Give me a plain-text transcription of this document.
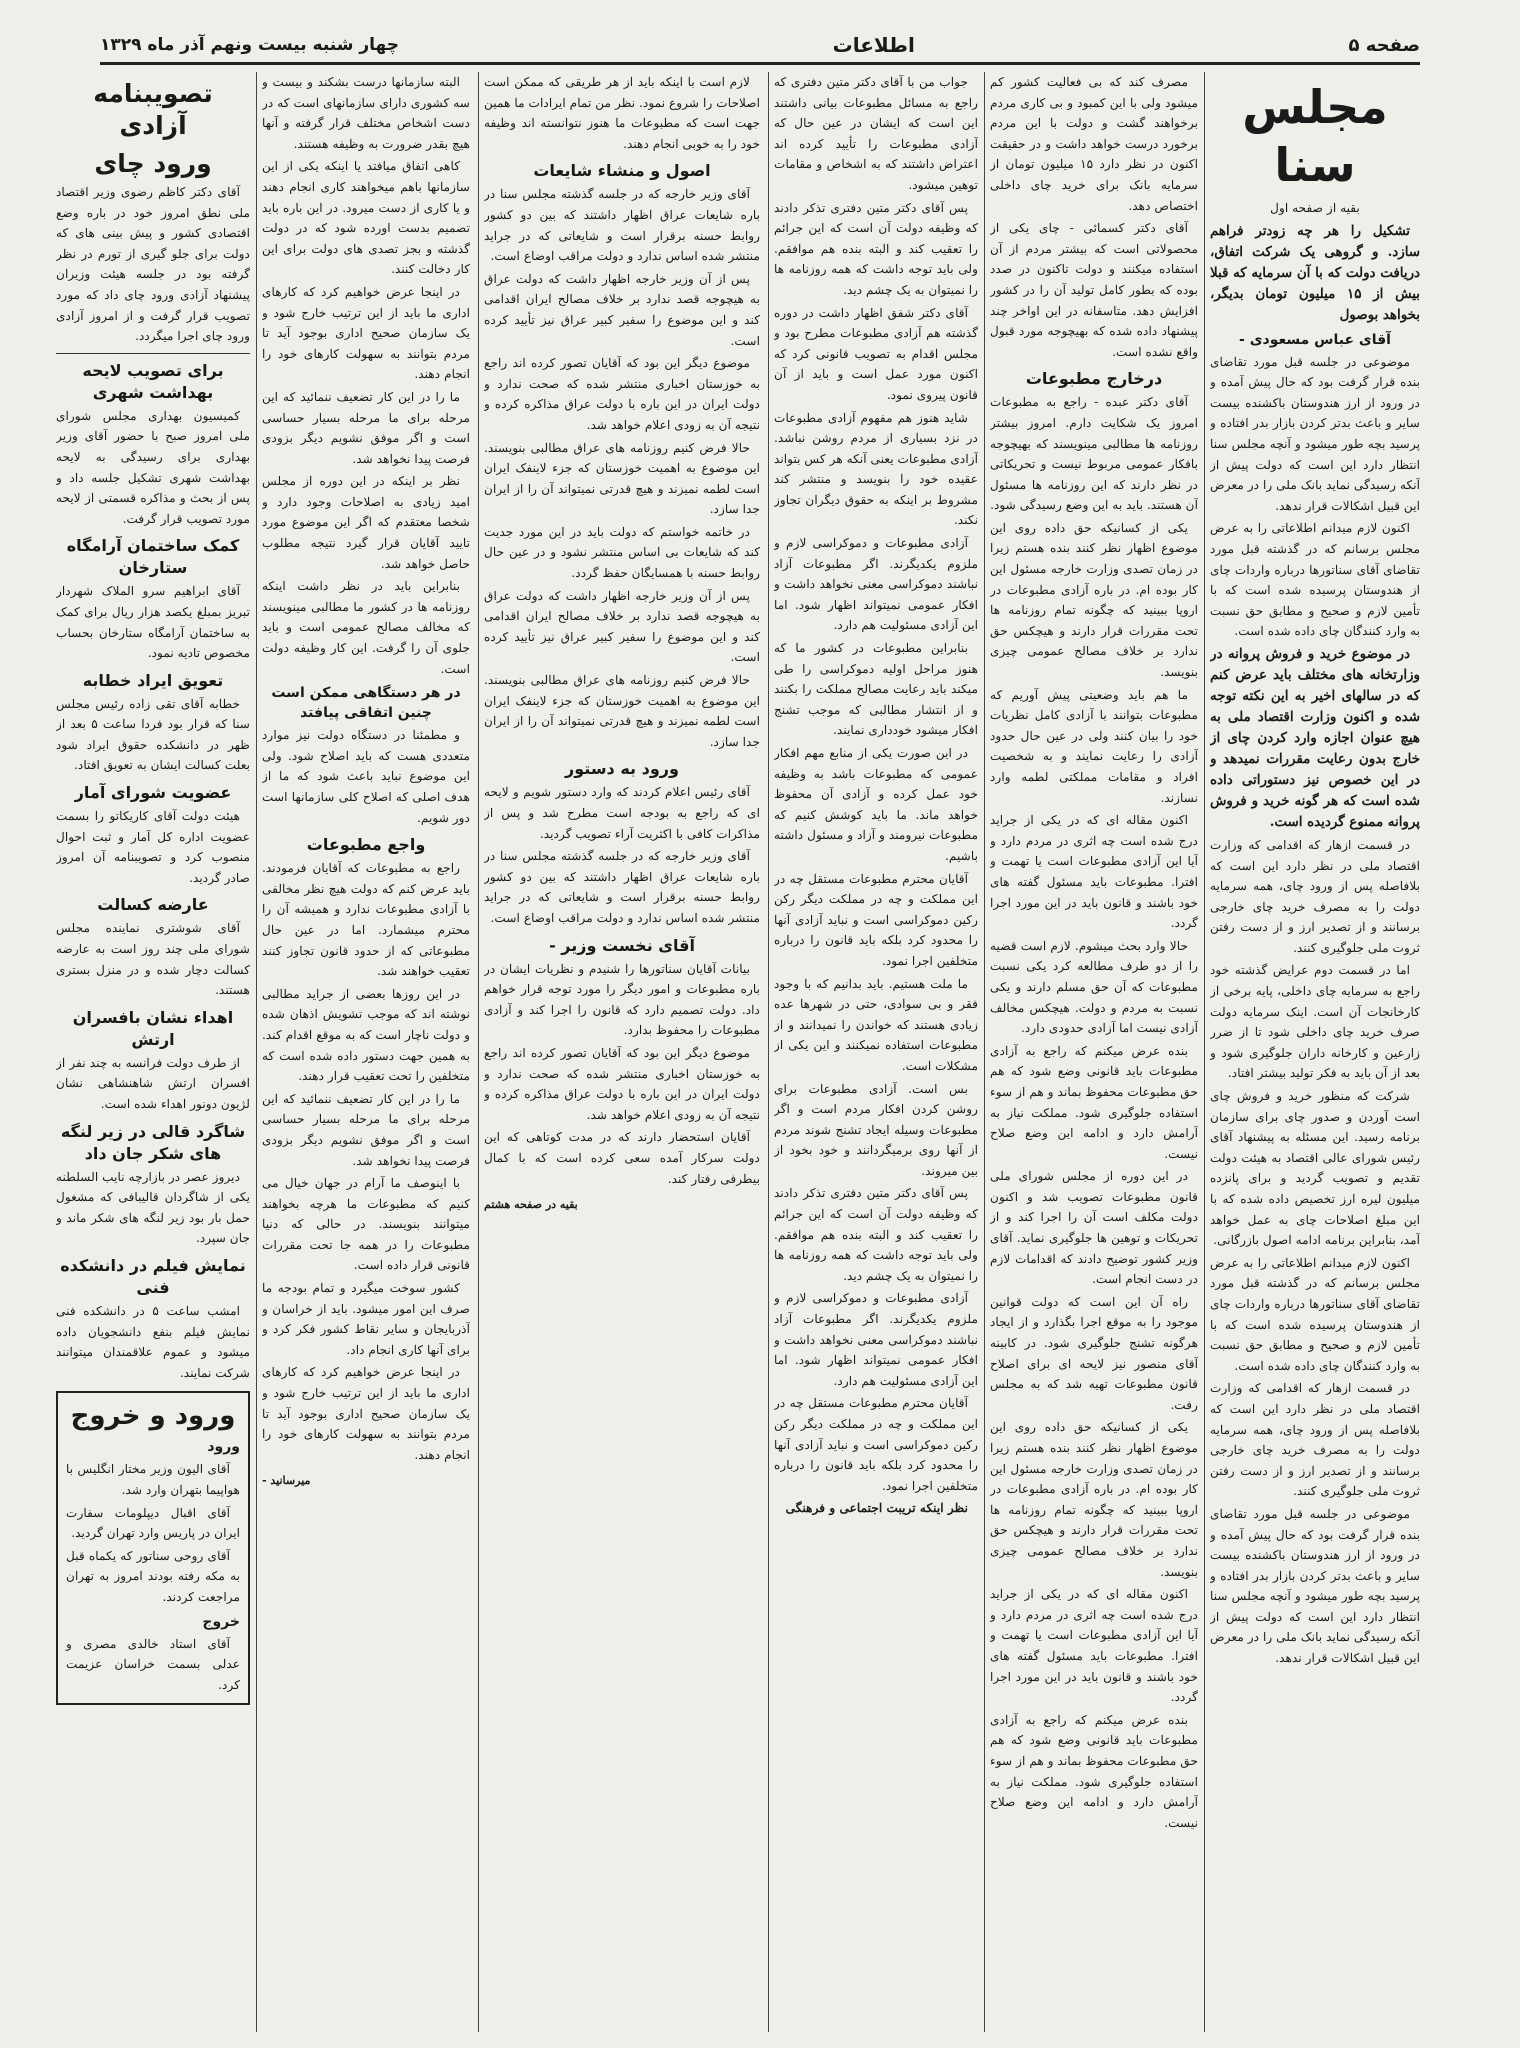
صفحه ۵
اطلاعات
چهار شنبه بیست ونهم آذر ماه ۱۳۲۹
مجلس سنا

بقیه از صفحه اول

تشکیل را هر چه زودتر فراهم سازد. و گروهی یک شرکت اتفاق، دریافت دولت که با آن سرمایه که قبلا بیش از ۱۵ میلیون تومان بدیگر، بخواهد بوصول

آقای عباس مسعودی -

موضوعی در جلسه قبل مورد تقاضای بنده قرار گرفت بود که حال پیش آمده و در ورود از ارز هندوستان باکشنده بیست سایر و باعث بدتر کردن بازار بدر افتاده و پرسید بچه طور میشود و آنچه مجلس سنا انتظار دارد این است که دولت پیش از آنکه رسیدگی نماید بانک ملی را در معرض این قبیل اشکالات قرار ندهد.

اکنون لازم میدانم اطلاعاتی را به عرض مجلس برسانم که در گذشته قبل مورد تقاضای آقای سناتورها درباره واردات چای از هندوستان پرسیده شده است که با تأمین لازم و صحیح و مطابق حق نسبت به وارد کنندگان چای داده شده است.

در موضوع خرید و فروش پروانه در وزارتخانه های مختلف باید عرض کنم که در سالهای اخیر به این نکته توجه شده و اکنون وزارت اقتصاد ملی به هیچ عنوان اجازه وارد کردن چای از خارج بدون رعایت مقررات نمیدهد و در این خصوص نیز دستوراتی داده شده است که هر گونه خرید و فروش پروانه ممنوع گردیده است.

در قسمت ازهار که اقدامی که وزارت اقتصاد ملی در نظر دارد این است که بلافاصله پس از ورود چای، همه سرمایه دولت را به مصرف خرید چای خارجی برسانند و از تصدیر ارز و از دست رفتن ثروت ملی جلوگیری کنند.

اما در قسمت دوم عرایض گذشته خود راجع به سرمایه چای داخلی، پایه برخی از کارخانجات آن است. اینک سرمایه دولت صرف خرید چای داخلی شود تا از ضرر زارعین و کارخانه داران جلوگیری شود و بعد از آن باید به فکر تولید بیشتر افتاد.

شرکت که منظور خرید و فروش چای است آوردن و صدور چای برای سازمان برنامه رسید. این مسئله به پیشنهاد آقای رئیس شورای عالی اقتصاد به هیئت دولت تقدیم و تصویب گردید و برای پانزده میلیون لیره ارز تخصیص داده شده که با این مبلغ اصلاحات چای به عمل خواهد آمد، بنابراین برنامه ادامه اصول بازرگانی.

اکنون لازم میدانم اطلاعاتی را به عرض مجلس برسانم که در گذشته قبل مورد تقاضای آقای سناتورها درباره واردات چای از هندوستان پرسیده شده است که با تأمین لازم و صحیح و مطابق حق نسبت به وارد کنندگان چای داده شده است.

در قسمت ازهار که اقدامی که وزارت اقتصاد ملی در نظر دارد این است که بلافاصله پس از ورود چای، همه سرمایه دولت را به مصرف خرید چای خارجی برسانند و از تصدیر ارز و از دست رفتن ثروت ملی جلوگیری کنند.

موضوعی در جلسه قبل مورد تقاضای بنده قرار گرفت بود که حال پیش آمده و در ورود از ارز هندوستان باکشنده بیست سایر و باعث بدتر کردن بازار بدر افتاده و پرسید بچه طور میشود و آنچه مجلس سنا انتظار دارد این است که دولت پیش از آنکه رسیدگی نماید بانک ملی را در معرض این قبیل اشکالات قرار ندهد.

مصرف کند که بی فعالیت کشور کم میشود ولی با این کمبود و بی کاری مردم برخواهند گشت و دولت با این مردم برخورد درست خواهد داشت و در حقیقت اکنون در نظر دارد ۱۵ میلیون تومان از سرمایه بانک برای خرید چای داخلی اختصاص دهد.

آقای دکتر کسمائی - چای یکی از محصولاتی است که بیشتر مردم از آن استفاده میکنند و دولت تاکنون در صدد بوده که بطور کامل تولید آن را در کشور افزایش دهد. متاسفانه در این اواخر چند پیشنهاد داده شده که بهیچوجه مورد قبول واقع نشده است.

درخارج مطبوعات

آقای دکتر عبده - راجع به مطبوعات امروز یک شکایت دارم. امروز بیشتر روزنامه ها مطالبی مینویسند که بهیچوجه بافکار عمومی مربوط نیست و تحریکاتی در نظر دارند که این روزنامه ها مسئول آن هستند. باید به این وضع رسیدگی شود.

یکی از کسانیکه حق داده روی این موضوع اظهار نظر کنند بنده هستم زیرا در زمان تصدی وزارت خارجه مسئول این کار بوده ام. در باره آزادی مطبوعات در اروپا ببینید که چگونه تمام روزنامه ها تحت مقررات قرار دارند و هیچکس حق ندارد بر خلاف مصالح عمومی چیزی بنویسد.

ما هم باید وضعیتی پیش آوریم که مطبوعات بتوانند با آزادی کامل نظریات خود را بیان کنند ولی در عین حال حدود آزادی را رعایت نمایند و به شخصیت افراد و مقامات مملکتی لطمه وارد نسازند.

اکنون مقاله ای که در یکی از جراید درج شده است چه اثری در مردم دارد و آیا این آزادی مطبوعات است یا تهمت و افترا. مطبوعات باید مسئول گفته های خود باشند و قانون باید در این مورد اجرا گردد.

حالا وارد بحث میشوم. لازم است قضیه را از دو طرف مطالعه کرد یکی نسبت مطبوعات که آن حق مسلم دارند و یکی نسبت به مردم و دولت. هیچکس مخالف آزادی نیست اما آزادی حدودی دارد.

بنده عرض میکنم که راجع به آزادی مطبوعات باید قانونی وضع شود که هم حق مطبوعات محفوظ بماند و هم از سوء استفاده جلوگیری شود. مملکت نیاز به آرامش دارد و ادامه این وضع صلاح نیست.

در این دوره از مجلس شورای ملی قانون مطبوعات تصویب شد و اکنون دولت مکلف است آن را اجرا کند و از تحریکات و توهین ها جلوگیری نماید. آقای وزیر کشور توضیح دادند که اقدامات لازم در دست انجام است.

راه آن این است که دولت قوانین موجود را به موقع اجرا بگذارد و از ایجاد هرگونه تشنج جلوگیری شود. در کابینه آقای منصور نیز لایحه ای برای اصلاح قانون مطبوعات تهیه شد که به مجلس رفت.

یکی از کسانیکه حق داده روی این موضوع اظهار نظر کنند بنده هستم زیرا در زمان تصدی وزارت خارجه مسئول این کار بوده ام. در باره آزادی مطبوعات در اروپا ببینید که چگونه تمام روزنامه ها تحت مقررات قرار دارند و هیچکس حق ندارد بر خلاف مصالح عمومی چیزی بنویسد.

اکنون مقاله ای که در یکی از جراید درج شده است چه اثری در مردم دارد و آیا این آزادی مطبوعات است یا تهمت و افترا. مطبوعات باید مسئول گفته های خود باشند و قانون باید در این مورد اجرا گردد.

بنده عرض میکنم که راجع به آزادی مطبوعات باید قانونی وضع شود که هم حق مطبوعات محفوظ بماند و هم از سوء استفاده جلوگیری شود. مملکت نیاز به آرامش دارد و ادامه این وضع صلاح نیست.

جواب من با آقای دکتر متین دفتری که راجع به مسائل مطبوعات بیانی داشتند این است که ایشان در عین حال که آزادی مطبوعات را تأیید کرده اند اعتراض داشتند که به اشخاص و مقامات توهین میشود.

پس آقای دکتر متین دفتری تذکر دادند که وظیفه دولت آن است که این جرائم را تعقیب کند و البته بنده هم موافقم. ولی باید توجه داشت که همه روزنامه ها را نمیتوان به یک چشم دید.

آقای دکتر شفق اظهار داشت در دوره گذشته هم آزادی مطبوعات مطرح بود و مجلس اقدام به تصویب قانونی کرد که اکنون مورد عمل است و باید از آن قانون پیروی نمود.

شاید هنوز هم مفهوم آزادی مطبوعات در نزد بسیاری از مردم روشن نباشد. آزادی مطبوعات یعنی آنکه هر کس بتواند عقیده خود را بنویسد و منتشر کند مشروط بر اینکه به حقوق دیگران تجاوز نکند.

آزادی مطبوعات و دموکراسی لازم و ملزوم یکدیگرند. اگر مطبوعات آزاد نباشند دموکراسی معنی نخواهد داشت و افکار عمومی نمیتواند اظهار شود. اما این آزادی مسئولیت هم دارد.

بنابراین مطبوعات در کشور ما که هنوز مراحل اولیه دموکراسی را طی میکند باید رعایت مصالح مملکت را بکنند و از انتشار مطالبی که موجب تشنج افکار میشود خودداری نمایند.

در این صورت یکی از منابع مهم افکار عمومی که مطبوعات باشد به وظیفه خود عمل کرده و آزادی آن محفوظ خواهد ماند. ما باید کوشش کنیم که مطبوعات نیرومند و آزاد و مسئول داشته باشیم.

آقایان محترم مطبوعات مستقل چه در این مملکت و چه در مملکت دیگر رکن رکین دموکراسی است و نباید آزادی آنها را محدود کرد بلکه باید قانون را درباره متخلفین اجرا نمود.

ما ملت هستیم. باید بدانیم که با وجود فقر و بی سوادی، حتی در شهرها عده زیادی هستند که خواندن را نمیدانند و از مطبوعات استفاده نمیکنند و این یکی از مشکلات است.

بس است. آزادی مطبوعات برای روشن کردن افکار مردم است و اگر مطبوعات وسیله ایجاد تشنج شوند مردم از آنها روی برمیگردانند و خود بخود از بین میروند.

پس آقای دکتر متین دفتری تذکر دادند که وظیفه دولت آن است که این جرائم را تعقیب کند و البته بنده هم موافقم. ولی باید توجه داشت که همه روزنامه ها را نمیتوان به یک چشم دید.

آزادی مطبوعات و دموکراسی لازم و ملزوم یکدیگرند. اگر مطبوعات آزاد نباشند دموکراسی معنی نخواهد داشت و افکار عمومی نمیتواند اظهار شود. اما این آزادی مسئولیت هم دارد.

آقایان محترم مطبوعات مستقل چه در این مملکت و چه در مملکت دیگر رکن رکین دموکراسی است و نباید آزادی آنها را محدود کرد بلکه باید قانون را درباره متخلفین اجرا نمود.

نظر اینکه تریبت اجتماعی و فرهنگی

لازم است با اینکه باید از هر طریقی که ممکن است اصلاحات را شروع نمود. نظر من تمام ایرادات ما همین جهت است که مطبوعات ما هنوز نتوانسته اند وظیفه خود را به خوبی انجام دهند.

اصول و منشاء شایعات

آقای وزیر خارجه که در جلسه گذشته مجلس سنا در باره شایعات عراق اظهار داشتند که بین دو کشور روابط حسنه برقرار است و شایعاتی که در جراید منتشر شده اساس ندارد و دولت مراقب اوضاع است.

پس از آن وزیر خارجه اظهار داشت که دولت عراق به هیچوجه قصد ندارد بر خلاف مصالح ایران اقدامی کند و این موضوع را سفیر کبیر عراق نیز تأیید کرده است.

موضوع دیگر این بود که آقایان تصور کرده اند راجع به خوزستان اخباری منتشر شده که صحت ندارد و دولت ایران در این باره با دولت عراق مذاکره کرده و نتیجه آن به زودی اعلام خواهد شد.

حالا فرض کنیم روزنامه های عراق مطالبی بنویسند. این موضوع به اهمیت خوزستان که جزء لاینفک ایران است لطمه نمیزند و هیچ قدرتی نمیتواند آن را از ایران جدا سازد.

در خاتمه خواستم که دولت باید در این مورد جدیت کند که شایعات بی اساس منتشر نشود و در عین حال روابط حسنه با همسایگان حفظ گردد.

پس از آن وزیر خارجه اظهار داشت که دولت عراق به هیچوجه قصد ندارد بر خلاف مصالح ایران اقدامی کند و این موضوع را سفیر کبیر عراق نیز تأیید کرده است.

حالا فرض کنیم روزنامه های عراق مطالبی بنویسند. این موضوع به اهمیت خوزستان که جزء لاینفک ایران است لطمه نمیزند و هیچ قدرتی نمیتواند آن را از ایران جدا سازد.

ورود به دستور

آقای رئیس اعلام کردند که وارد دستور شویم و لایحه ای که راجع به بودجه است مطرح شد و پس از مذاکرات کافی با اکثریت آراء تصویب گردید.

آقای وزیر خارجه که در جلسه گذشته مجلس سنا در باره شایعات عراق اظهار داشتند که بین دو کشور روابط حسنه برقرار است و شایعاتی که در جراید منتشر شده اساس ندارد و دولت مراقب اوضاع است.

آقای نخست وزیر -

بیانات آقایان سناتورها را شنیدم و نظریات ایشان در باره مطبوعات و امور دیگر را مورد توجه قرار خواهم داد. دولت تصمیم دارد که قانون را اجرا کند و آزادی مطبوعات را محفوظ بدارد.

موضوع دیگر این بود که آقایان تصور کرده اند راجع به خوزستان اخباری منتشر شده که صحت ندارد و دولت ایران در این باره با دولت عراق مذاکره کرده و نتیجه آن به زودی اعلام خواهد شد.

آقایان استحضار دارند که در مدت کوتاهی که این دولت سرکار آمده سعی کرده است که با کمال بیطرفی رفتار کند.

بقیه در صفحه هشتم

البته سازمانها درست بشکند و بیست و سه کشوری دارای سازمانهای است که در دست اشخاص مختلف قرار گرفته و آنها هیچ بقدر ضرورت به وظیفه هستند.

کاهی اتفاق میافتد یا اینکه یکی از این سازمانها باهم میخواهند کاری انجام دهند و یا کاری از دست میرود. در این باره باید تصمیم بدست اورده شود که در دولت گذشته و بجز تصدی های دولت برای این کار دخالت کنند.

در اینجا عرض خواهیم کرد که کارهای اداری ما باید از این ترتیب خارج شود و یک سازمان صحیح اداری بوجود آید تا مردم بتوانند به سهولت کارهای خود را انجام دهند.

ما را در این کار تضعیف ننمائید که این مرحله برای ما مرحله بسیار حساسی است و اگر موفق نشویم دیگر بزودی فرصت پیدا نخواهد شد.

نظر بر اینکه در این دوره از مجلس امید زیادی به اصلاحات وجود دارد و شخصا معتقدم که اگر این موضوع مورد تایید آقایان قرار گیرد نتیجه مطلوب حاصل خواهد شد.

بنابراین باید در نظر داشت اینکه روزنامه ها در کشور ما مطالبی مینویسند که مخالف مصالح عمومی است و باید جلوی آن را گرفت. این کار وظیفه دولت است.

در هر دستگاهی ممکن است چنین اتفاقی پیافتد

و مطمئنا در دستگاه دولت نیز موارد متعددی هست که باید اصلاح شود. ولی این موضوع نباید باعث شود که ما از هدف اصلی که اصلاح کلی سازمانها است دور شویم.

واجع مطبوعات

راجع به مطبوعات که آقایان فرمودند. باید عرض کنم که دولت هیچ نظر مخالفی با آزادی مطبوعات ندارد و همیشه آن را محترم میشمارد. اما در عین حال مطبوعاتی که از حدود قانون تجاوز کنند تعقیب خواهند شد.

در این روزها بعضی از جراید مطالبی نوشته اند که موجب تشویش اذهان شده و دولت ناچار است که به موقع اقدام کند. به همین جهت دستور داده شده است که متخلفین را تحت تعقیب قرار دهند.

ما را در این کار تضعیف ننمائید که این مرحله برای ما مرحله بسیار حساسی است و اگر موفق نشویم دیگر بزودی فرصت پیدا نخواهد شد.

با اینوصف ما آرام در جهان خیال می کنیم که مطبوعات ما هرچه بخواهند میتوانند بنویسند. در حالی که دنیا مطبوعات را در همه جا تحت مقررات قانونی قرار داده است.

کشور سوخت میگیرد و تمام بودجه ما صرف این امور میشود. باید از خراسان و آذربایجان و سایر نقاط کشور فکر کرد و برای آنها کاری انجام داد.

در اینجا عرض خواهیم کرد که کارهای اداری ما باید از این ترتیب خارج شود و یک سازمان صحیح اداری بوجود آید تا مردم بتوانند به سهولت کارهای خود را انجام دهند.

میرسانید -
تصویبنامه آزادی
ورود چای

آقای دکتر کاظم رضوی وزیر اقتصاد ملی نطق امروز خود در باره وضع اقتصادی کشور و پیش بینی های که دولت برای جلو گیری از تورم در نظر گرفته بود در جلسه هیئت وزیران پیشنهاد آزادی ورود چای داد که مورد تصویب قرار گرفت و از امروز آزادی ورود چای اجرا میگردد.

برای تصویب لایحه بهداشت شهری

کمیسیون بهداری مجلس شورای ملی امروز صبح با حضور آقای وزیر بهداری برای رسیدگی به لایحه بهداشت شهری تشکیل جلسه داد و پس از بحث و مذاکره قسمتی از لایحه مورد تصویب قرار گرفت.

کمک ساختمان آرامگاه ستارخان

آقای ابراهیم سرو الملاک شهردار تبریز بمبلغ یکصد هزار ریال برای کمک به ساختمان آرامگاه ستارخان بحساب مخصوص تادیه نمود.

تعویق ایراد خطابه

خطابه آقای تقی زاده رئیس مجلس سنا که قرار بود فردا ساعت ۵ بعد از ظهر در دانشکده حقوق ایراد شود بعلت کسالت ایشان به تعویق افتاد.

عضویت شورای آمار

هیئت دولت آقای کاریکاتو را بسمت عضویت اداره کل آمار و ثبت احوال منصوب کرد و تصویبنامه آن امروز صادر گردید.

عارضه کسالت

آقای شوشتری نماینده مجلس شورای ملی چند روز است به عارضه کسالت دچار شده و در منزل بستری هستند.

اهداء نشان بافسران ارتش

از طرف دولت فرانسه به چند نفر از افسران ارتش شاهنشاهی نشان لژیون دونور اهداء شده است.

شاگرد قالی در زیر لنگه های شکر جان داد

دیروز عصر در بازارچه نایب السلطنه یکی از شاگردان قالیبافی که مشغول حمل بار بود زیر لنگه های شکر ماند و جان سپرد.

نمایش فیلم در دانشکده فنی

امشب ساعت ۵ در دانشکده فنی نمایش فیلم بنفع دانشجویان داده میشود و عموم علاقمندان میتوانند شرکت نمایند.

ورود و خروج
ورود

آقای الیون وزیر مختار انگلیس با هواپیما بتهران وارد شد.

آقای اقبال دیپلومات سفارت ایران در پاریس وارد تهران گردید.

آقای روحی سناتور که یکماه قبل به مکه رفته بودند امروز به تهران مراجعت کردند.

خروج

آقای استاد خالدی مصری و عدلی بسمت خراسان عزیمت کرد.
